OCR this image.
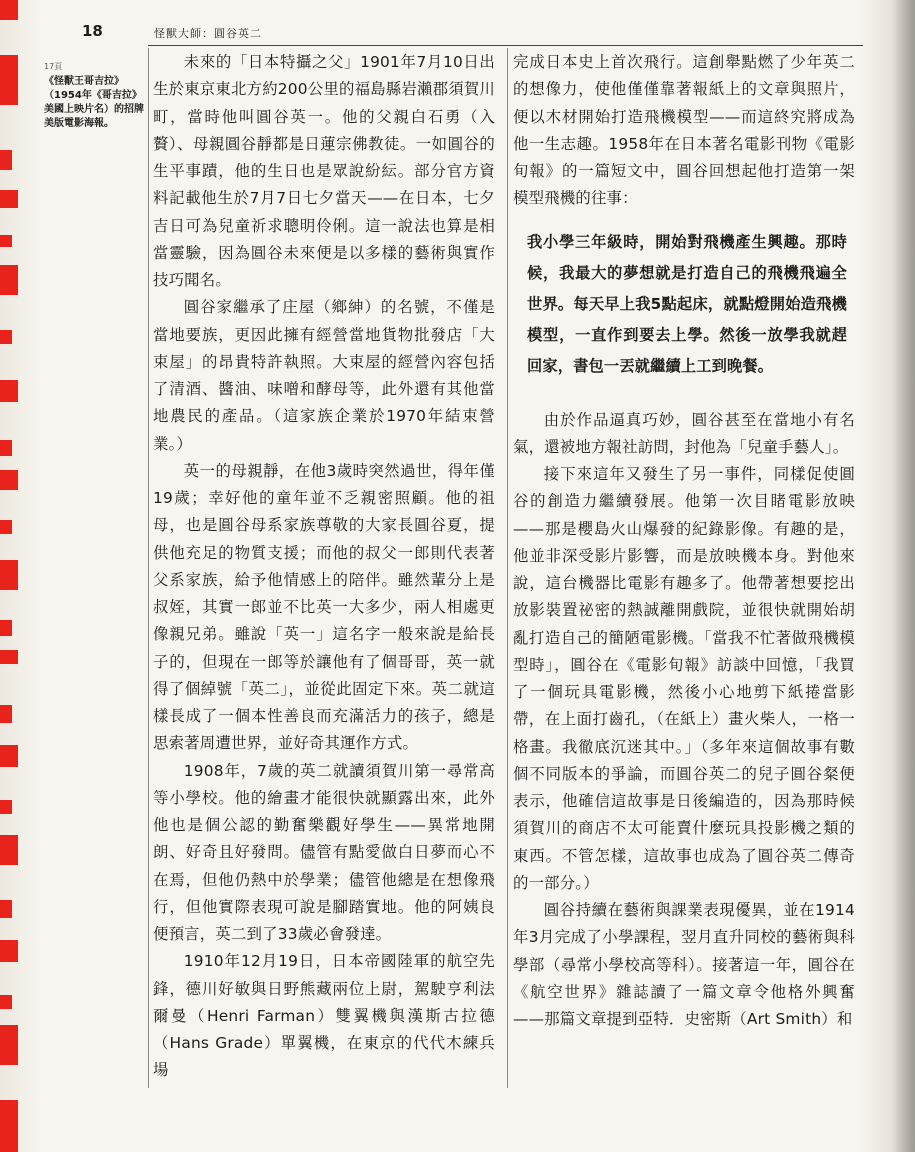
18	怪獸大師：圓谷英二
17頁
《怪獸王哥吉拉》（1954年《哥吉拉》美國上映片名）的招牌美版電影海報。

未來的「日本特攝之父」1901年7月10日出生於東京東北方約200公里的福島縣岩瀨郡須賀川町，當時他叫圓谷英一。他的父親白石勇（入贅）、母親圓谷靜都是日蓮宗佛教徒。一如圓谷的生平事蹟，他的生日也是眾說紛紜。部分官方資料記載他生於7月7日七夕當天——在日本，七夕吉日可為兒童祈求聰明伶俐。這一說法也算是相當靈驗，因為圓谷未來便是以多樣的藝術與實作技巧聞名。

圓谷家繼承了庄屋（鄉紳）的名號，不僅是當地要族，更因此擁有經營當地貨物批發店「大束屋」的昂貴特許執照。大束屋的經營內容包括了清酒、醬油、味噌和酵母等，此外還有其他當地農民的產品。（這家族企業於1970年結束營業。）

英一的母親靜，在他3歲時突然過世，得年僅19歲；幸好他的童年並不乏親密照顧。他的祖母，也是圓谷母系家族尊敬的大家長圓谷夏，提供他充足的物質支援；而他的叔父一郎則代表著父系家族，給予他情感上的陪伴。雖然輩分上是叔姪，其實一郎並不比英一大多少，兩人相處更像親兄弟。雖說「英一」這名字一般來說是給長子的，但現在一郎等於讓他有了個哥哥，英一就得了個綽號「英二」，並從此固定下來。英二就這樣長成了一個本性善良而充滿活力的孩子，總是思索著周遭世界，並好奇其運作方式。

1908年，7歲的英二就讀須賀川第一尋常高等小學校。他的繪畫才能很快就顯露出來，此外他也是個公認的勤奮樂觀好學生——異常地開朗、好奇且好發問。儘管有點愛做白日夢而心不在焉，但他仍熱中於學業；儘管他總是在想像飛行，但他實際表現可說是腳踏實地。他的阿姨良便預言，英二到了33歲必會發達。

1910年12月19日，日本帝國陸軍的航空先鋒，德川好敏與日野熊藏兩位上尉，駕駛亨利法爾曼（Henri Farman）雙翼機與漢斯古拉德（Hans Grade）單翼機，在東京的代代木練兵場

完成日本史上首次飛行。這創舉點燃了少年英二的想像力，使他僅僅靠著報紙上的文章與照片，便以木材開始打造飛機模型——而這終究將成為他一生志趣。1958年在日本著名電影刊物《電影旬報》的一篇短文中，圓谷回想起他打造第一架模型飛機的往事：

我小學三年級時，開始對飛機產生興趣。那時候，我最大的夢想就是打造自己的飛機飛遍全世界。每天早上我5點起床，就點燈開始造飛機模型，一直作到要去上學。然後一放學我就趕回家，書包一丟就繼續上工到晚餐。

由於作品逼真巧妙，圓谷甚至在當地小有名氣，還被地方報社訪問，封他為「兒童手藝人」。

接下來這年又發生了另一事件，同樣促使圓谷的創造力繼續發展。他第一次目睹電影放映——那是櫻島火山爆發的紀錄影像。有趣的是，他並非深受影片影響，而是放映機本身。對他來說，這台機器比電影有趣多了。他帶著想要挖出放影裝置祕密的熱誠離開戲院，並很快就開始胡亂打造自己的簡陋電影機。「當我不忙著做飛機模型時」，圓谷在《電影旬報》訪談中回憶，「我買了一個玩具電影機，然後小心地剪下紙捲當影帶，在上面打齒孔，（在紙上）畫火柴人，一格一格畫。我徹底沉迷其中。」（多年來這個故事有數個不同版本的爭論，而圓谷英二的兒子圓谷粲便表示，他確信這故事是日後編造的，因為那時候須賀川的商店不太可能賣什麼玩具投影機之類的東西。不管怎樣，這故事也成為了圓谷英二傳奇的一部分。）

圓谷持續在藝術與課業表現優異，並在1914年3月完成了小學課程，翌月直升同校的藝術與科學部（尋常小學校高等科）。接著這一年，圓谷在《航空世界》雜誌讀了一篇文章令他格外興奮——那篇文章提到亞特．史密斯（Art Smith）和
